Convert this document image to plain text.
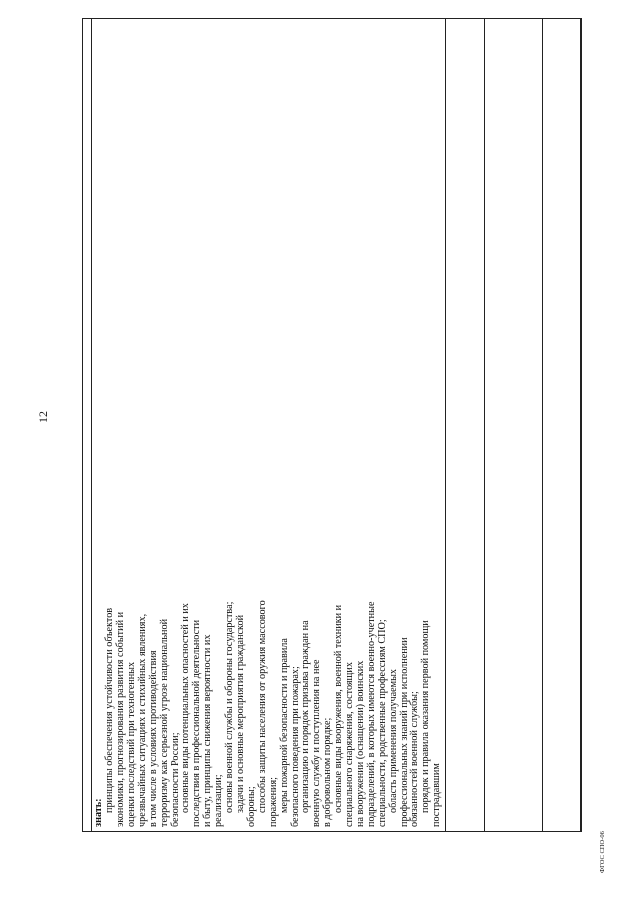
12
ФГОС СПО-06
знать: принципы обеспечения устойчивости объектов экономики, прогнозирования развития событий и оценки последствий при техногенных чрезвычайных ситуациях и стихийных явлениях, в том числе в условиях противодействия терроризму как серьезной угрозе национальной безопасности России; основные виды потенциальных опасностей и их последствия в профессиональной деятельности и быту, принципы снижения вероятности их реализации; основы военной службы и обороны государства; задачи и основные мероприятия гражданской обороны; способы защиты населения от оружия массового поражения; меры пожарной безопасности и правила безопасного поведения при пожарах; организацию и порядок призыва граждан на военную службу и поступления на нее в добровольном порядке; основные виды вооружения, военной техники и специального снаряжения, состоящих на вооружении (оснащении) воинских подразделений, в которых имеются военно-учетные специальности, родственные профессиям СПО; область применения получаемых профессиональных знаний при исполнении обязанностей военной службы; порядок и правила оказания первой помощи пострадавшим
